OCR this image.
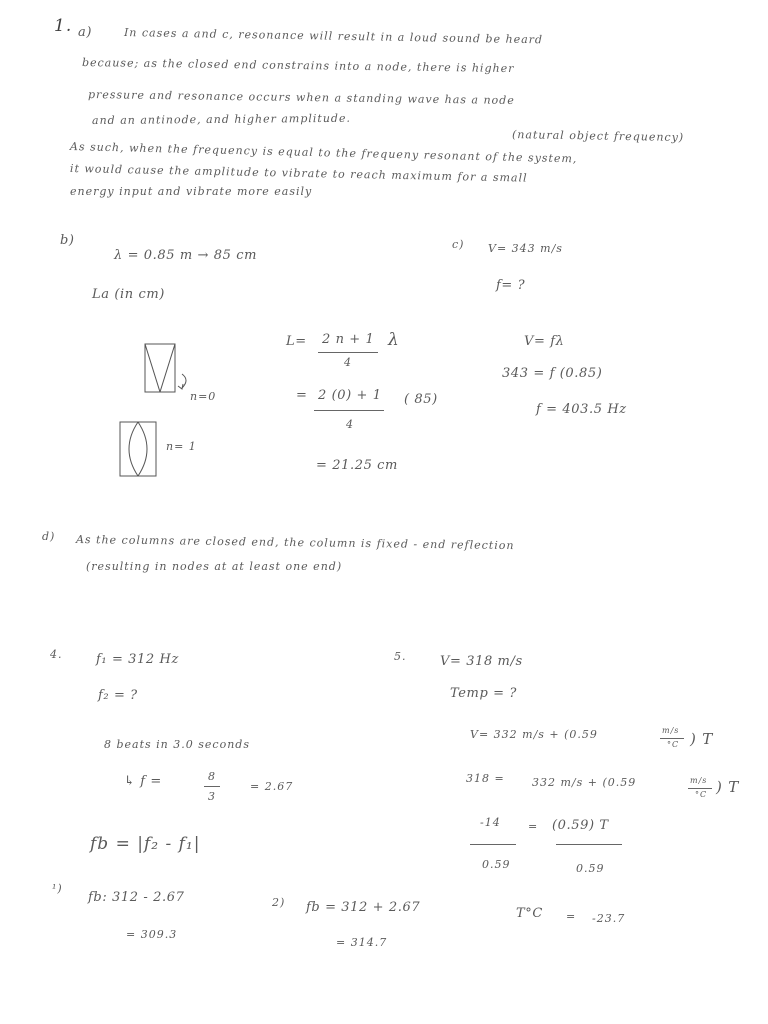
1. a)	In cases a and c, resonance will result in a loud sound be heard
because; as the closed end constrains into a node, there is higher
pressure and resonance occurs when a standing wave has a node
and an antinode, and higher amplitude.
(natural object frequency)
As such, when the frequency is equal to the frequeny resonant of the system,
it would cause the amplitude to vibrate to reach maximum for a small
energy input and vibrate more easily
b)
λ = 0.85 m → 85 cm
La (in cm)
n=0
n= 1
L= 2 n + 1 λ
4
= 2 (0) + 1 ( 85)
4
= 21.25 cm
c) V= 343 m/s
f= ?
V= fλ
343 = f (0.85)
f = 403.5 Hz
d) As the columns are closed end, the column is fixed - end reflection
(resulting in nodes at at least one end)
4.	f₁ = 312 Hz
f₂ = ?
8 beats in 3.0 seconds
↳ f =	8
3
= 2.67
fb = |f₂ - f₁|
¹)
fb: 312 - 2.67
= 309.3
2) fb = 312 + 2.67
= 314.7
5.	V= 318 m/s
Temp = ?
V= 332 m/s + (0.59	m/s
°C ) T
318 = 332 m/s + (0.59	m/s
°C ) T
-14 = (0.59) T
0.59	0.59
T°C = -23.7
